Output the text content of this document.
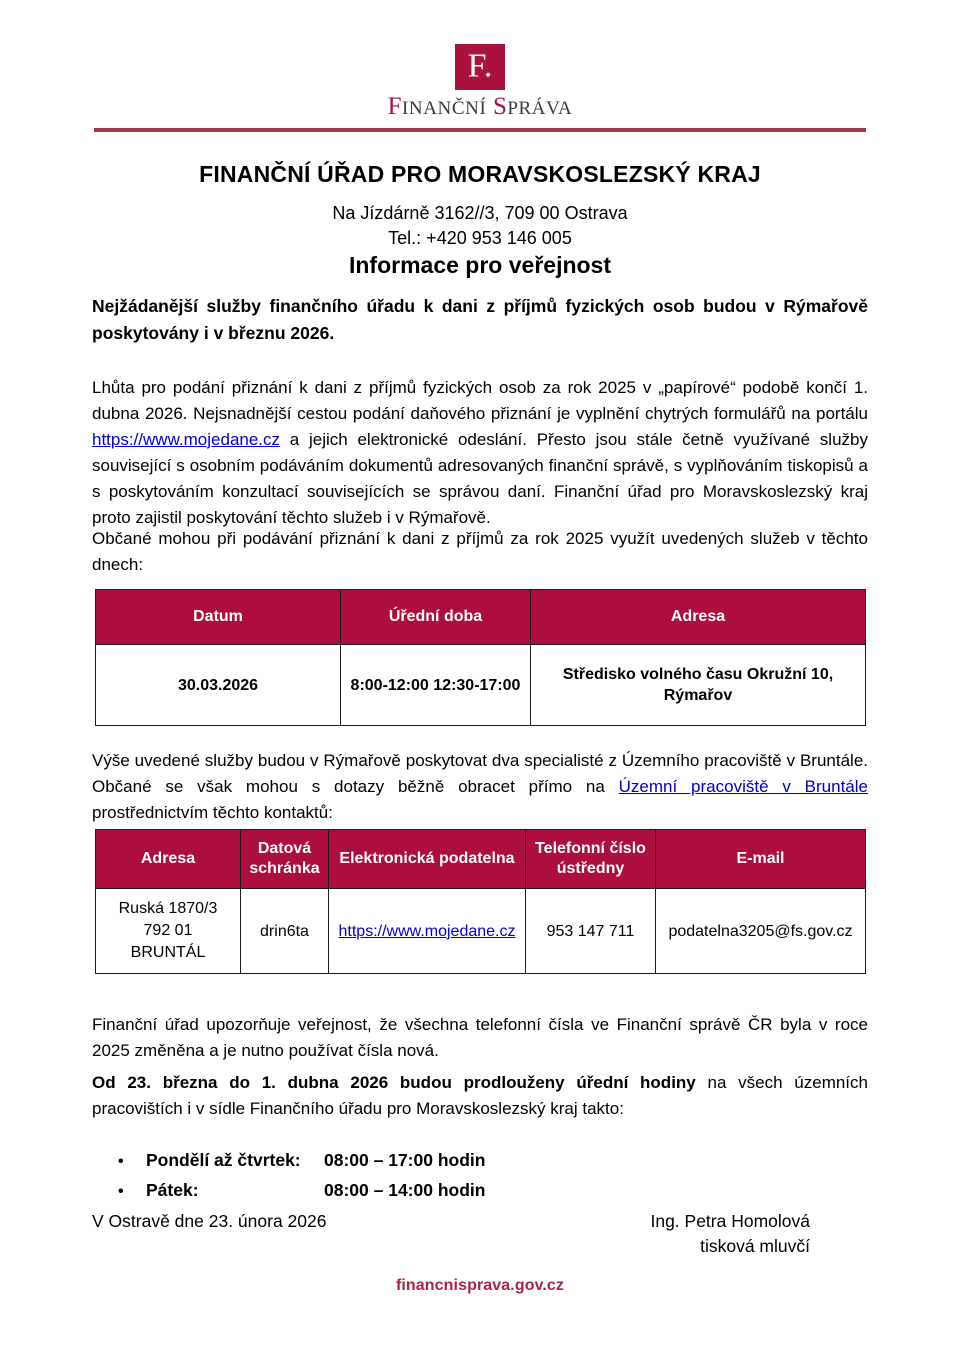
F.
FINANČNÍ SPRÁVA
FINANČNÍ ÚŘAD PRO MORAVSKOSLEZSKÝ KRAJ
Na Jízdárně 3162//3, 709 00 Ostrava
Tel.: +420 953 146 005
Informace pro veřejnost
Nejžádanější služby finančního úřadu k dani z příjmů fyzických osob budou v Rýmařově poskytovány i v březnu 2026.
Lhůta pro podání přiznání k dani z příjmů fyzických osob za rok 2025 v „papírové“ podobě končí 1. dubna 2026. Nejsnadnější cestou podání daňového přiznání je vyplnění chytrých formulářů na portálu https://www.mojedane.cz a jejich elektronické odeslání. Přesto jsou stále četně využívané služby související s osobním podáváním dokumentů adresovaných finanční správě, s vyplňováním tiskopisů a s poskytováním konzultací souvisejících se správou daní. Finanční úřad pro Moravskoslezský kraj proto zajistil poskytování těchto služeb i v Rýmařově.
Občané mohou při podávání přiznání k dani z příjmů za rok 2025 využít uvedených služeb v těchto dnech:
Datum	Úřední doba	Adresa
30.03.2026	8:00-12:00 12:30-17:00	Středisko volného času Okružní 10, Rýmařov
Výše uvedené služby budou v Rýmařově poskytovat dva specialisté z Územního pracoviště v Bruntále. Občané se však mohou s dotazy běžně obracet přímo na Územní pracoviště v Bruntále prostřednictvím těchto kontaktů:
Adresa	Datová schránka	Elektronická podatelna	Telefonní číslo ústředny	E-mail

Ruská 1870/3
792 01
BRUNTÁL	drin6ta	https://www.mojedane.cz	953 147 711	podatelna3205@fs.gov.cz
Finanční úřad upozorňuje veřejnost, že všechna telefonní čísla ve Finanční správě ČR byla v roce 2025 změněna a je nutno používat čísla nová.
Od 23. března do 1. dubna 2026 budou prodlouženy úřední hodiny na všech územních pracovištích i v sídle Finančního úřadu pro Moravskoslezský kraj takto:
•	Pondělí až čtvrtek:	08:00 – 17:00 hodin
•	Pátek:	08:00 – 14:00 hodin
V Ostravě dne 23. února 2026	Ing. Petra Homolová
tisková mluvčí
financnisprava.gov.cz
